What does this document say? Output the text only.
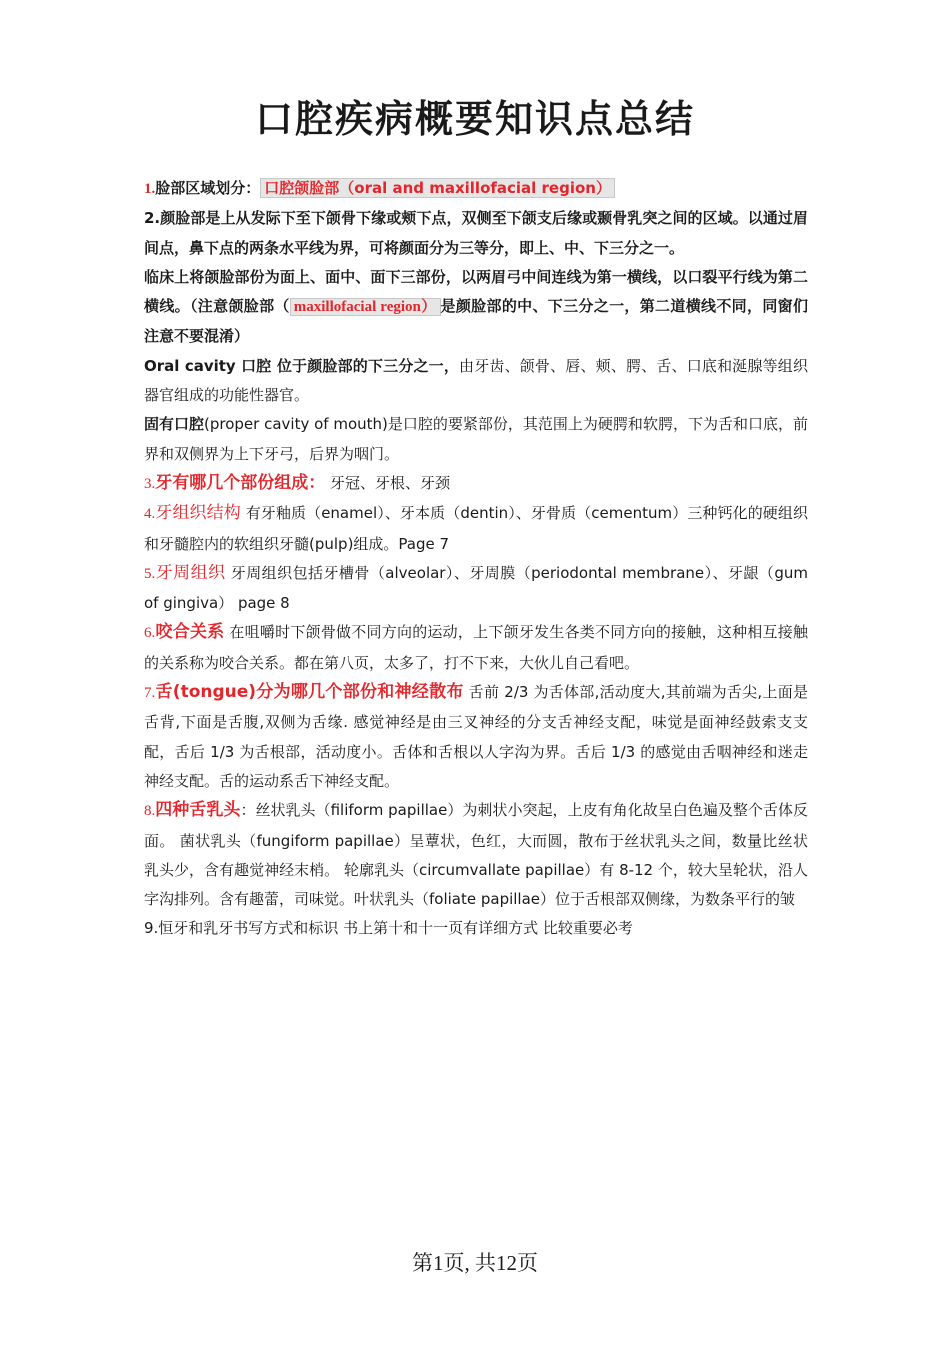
口腔疾病概要知识点总结

1.脸部区域划分： 口腔颌脸部（oral and maxillofacial region）

2.颜脸部是上从发际下至下颌骨下缘或颊下点，双侧至下颌支后缘或颞骨乳突之间的区域。以通过眉间点，鼻下点的两条水平线为界，可将颜面分为三等分，即上、中、下三分之一。

临床上将颌脸部份为面上、面中、面下三部份，以两眉弓中间连线为第一横线，以口裂平行线为第二横线。（注意颌脸部（ maxillofacial region） 是颜脸部的中、下三分之一，第二道横线不同，同窗们注意不要混淆）

Oral cavity 口腔 位于颜脸部的下三分之一，由牙齿、颌骨、唇、颊、腭、舌、口底和涎腺等组织器官组成的功能性器官。

固有口腔(proper cavity of mouth)是口腔的要紧部份，其范围上为硬腭和软腭，下为舌和口底，前界和双侧界为上下牙弓，后界为咽门。

3.牙有哪几个部份组成： 牙冠、牙根、牙颈

4.牙组织结构 有牙釉质（enamel）、牙本质（dentin）、牙骨质（cementum）三种钙化的硬组织和牙髓腔内的软组织牙髓(pulp)组成。Page 7

5.牙周组织 牙周组织包括牙槽骨（alveolar）、牙周膜（periodontal membrane）、牙龈（gum of gingiva） page 8

6.咬合关系 在咀嚼时下颌骨做不同方向的运动，上下颌牙发生各类不同方向的接触，这种相互接触的关系称为咬合关系。都在第八页，太多了，打不下来，大伙儿自己看吧。

7.舌(tongue)分为哪几个部份和神经散布 舌前 2/3 为舌体部,活动度大,其前端为舌尖,上面是舌背,下面是舌腹,双侧为舌缘. 感觉神经是由三叉神经的分支舌神经支配，味觉是面神经鼓索支支配，舌后 1/3 为舌根部，活动度小。舌体和舌根以人字沟为界。舌后 1/3 的感觉由舌咽神经和迷走神经支配。舌的运动系舌下神经支配。

8.四种舌乳头：丝状乳头（filiform papillae）为刺状小突起，上皮有角化故呈白色遍及整个舌体反面。 菌状乳头（fungiform papillae）呈蕈状，色红，大而圆，散布于丝状乳头之间，数量比丝状乳头少，含有趣觉神经末梢。 轮廓乳头（circumvallate papillae）有 8-12 个，较大呈轮状，沿人字沟排列。含有趣蕾，司味觉。叶状乳头（foliate papillae）位于舌根部双侧缘，为数条平行的皱

9.恒牙和乳牙书写方式和标识 书上第十和十一页有详细方式 比较重要必考

第1页, 共12页
